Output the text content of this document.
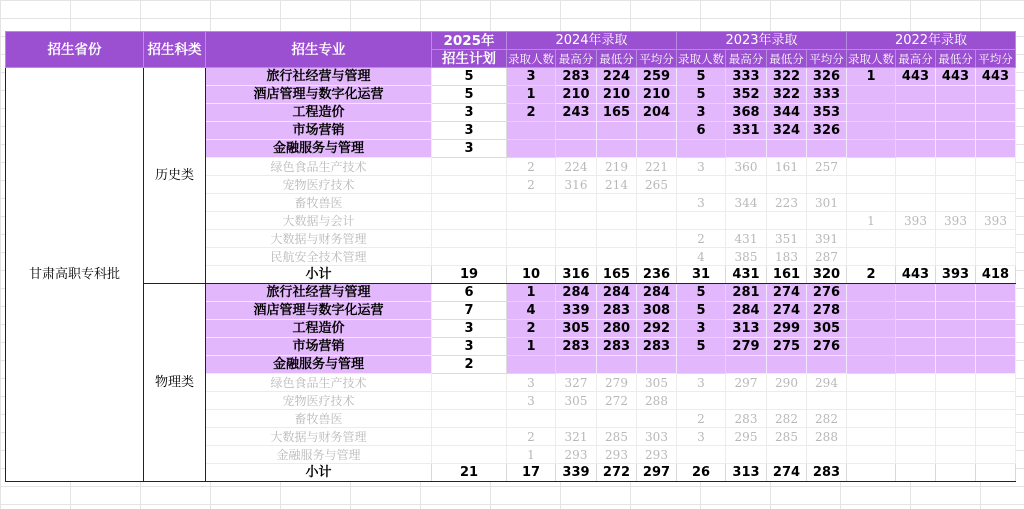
招生省份	招生科类	招生专业	2025年	2024年录取				2023年录取				2022年录取			
			招生计划	录取人数	最高分	最低分	平均分	录取人数	最高分	最低分	平均分	录取人数	最高分	最低分	平均分
甘肃高职专科批	历史类	旅行社经营与管理	5	3	283	224	259	5	333	322	326	1	443	443	443
		酒店管理与数字化运营	5	1	210	210	210	5	352	322	333				
		工程造价	3	2	243	165	204	3	368	344	353				
		市场营销	3					6	331	324	326				
		金融服务与管理	3												
		绿色食品生产技术		2	224	219	221	3	360	161	257				
		宠物医疗技术		2	316	214	265								
		畜牧兽医						3	344	223	301				
		大数据与会计										1	393	393	393
		大数据与财务管理						2	431	351	391				
		民航安全技术管理						4	385	183	287				
		小计	19	10	316	165	236	31	431	161	320	2	443	393	418
	物理类	旅行社经营与管理	6	1	284	284	284	5	281	274	276				
		酒店管理与数字化运营	7	4	339	283	308	5	284	274	278				
		工程造价	3	2	305	280	292	3	313	299	305				
		市场营销	3	1	283	283	283	5	279	275	276				
		金融服务与管理	2												
		绿色食品生产技术		3	327	279	305	3	297	290	294				
		宠物医疗技术		3	305	272	288								
		畜牧兽医						2	283	282	282				
		大数据与财务管理		2	321	285	303	3	295	285	288				
		金融服务与管理		1	293	293	293								
		小计	21	17	339	272	297	26	313	274	283				
